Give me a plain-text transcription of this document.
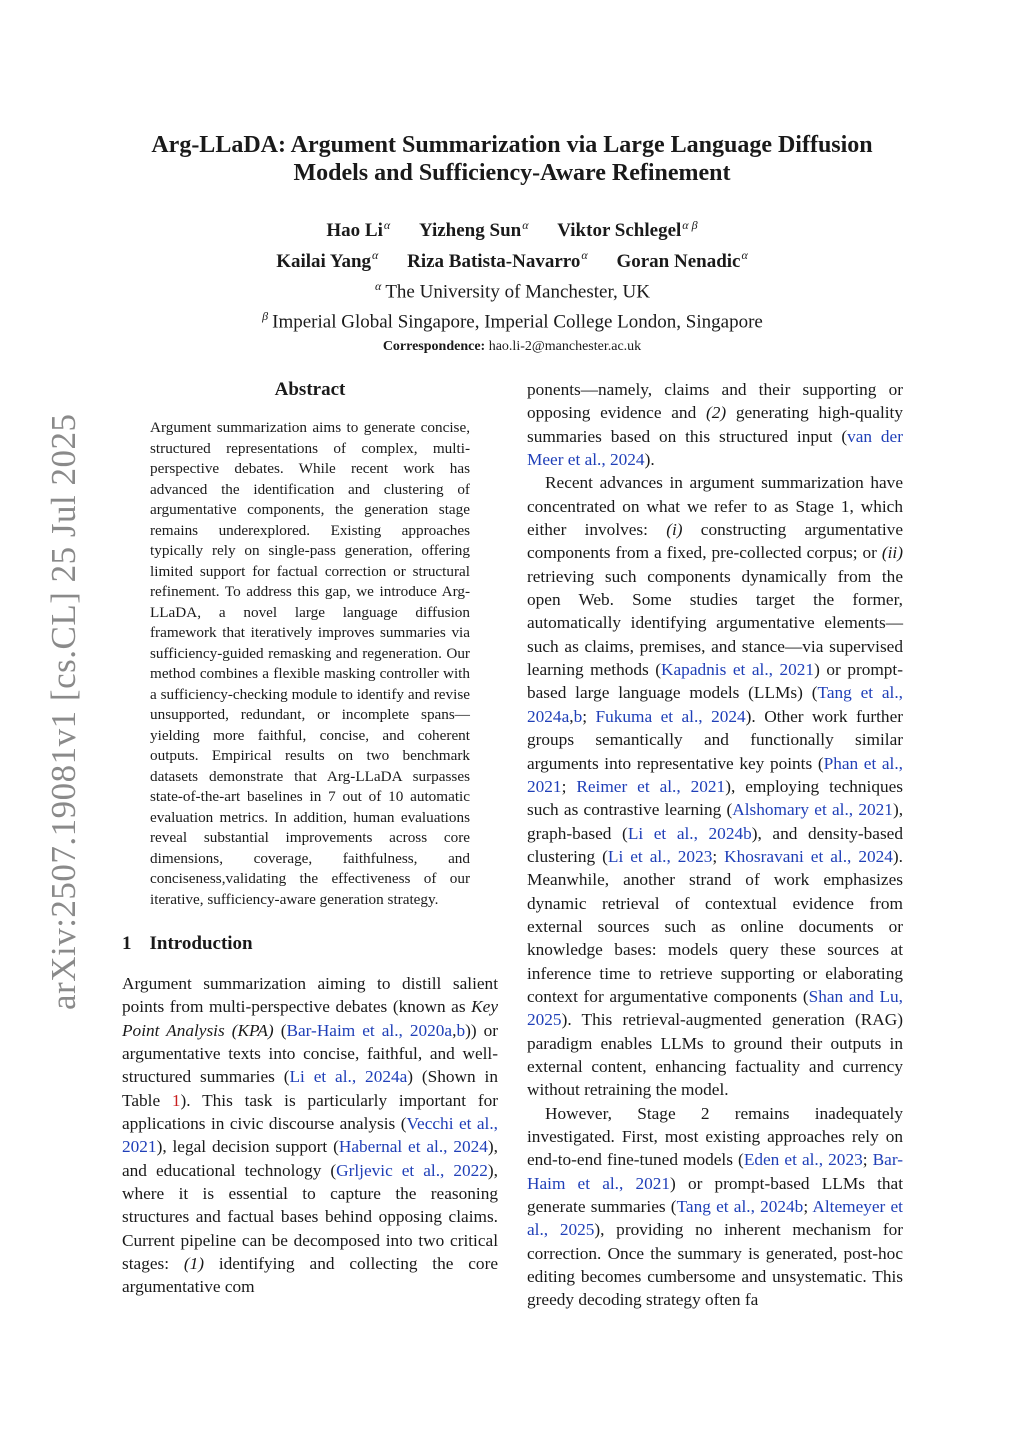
arXiv:2507.19081v1 [cs.CL] 25 Jul 2025
Arg-LLaDA: Argument Summarization via Large Language Diffusion
Models and Sufficiency-Aware Refinement
Hao $Li^\alpha$ Yizheng Sun$^\alpha$ Viktor Schlegel$^{\alpha \beta}$
Kailai Yang$^\alpha$ Riza Batista-Navarro$^\alpha$ Goran Nenadic$^\alpha$
$^\alpha$ The University of Manchester, UK
$^\beta$ Imperial Global Singapore, Imperial College London, Singapore
Correspondence: hao.li-2@manchester.ac.uk
Abstract
Argument summarization aims to generate concise, structured representations of complex, multi-perspective debates. While recent work has advanced the identification and clustering of argumentative components, the generation stage remains underexplored. Existing approaches typically rely on single-pass generation, offering limited support for factual correction or structural refinement. To address this gap, we introduce Arg-LLaDA, a novel large language diffusion framework that iteratively improves summaries via sufficiency-guided remasking and regeneration. Our method combines a flexible masking controller with a sufficiency-checking module to identify and revise unsupported, redundant, or incomplete spans—yielding more faithful, concise, and coherent outputs. Empirical results on two benchmark datasets demonstrate that Arg-LLaDA surpasses state-of-the-art baselines in 7 out of 10 automatic evaluation metrics. In addition, human evaluations reveal substantial improvements across core dimensions, coverage, faithfulness, and conciseness,validating the effectiveness of our iterative, sufficiency-aware generation strategy.
1 Introduction

Argument summarization aiming to distill salient points from multi-perspective debates (known as Key Point Analysis (KPA) (Bar-Haim et al., 2020a,b)) or argumentative texts into concise, faithful, and well-structured summaries (Li et al., 2024a) (Shown in Table 1). This task is particularly important for applications in civic discourse analysis (Vecchi et al., 2021), legal decision support (Habernal et al., 2024), and educational technology (Grljevic et al., 2022), where it is essential to capture the reasoning structures and factual bases behind opposing claims. Current pipeline can be decomposed into two critical stages: (1) identifying and collecting the core argumentative com

ponents—namely, claims and their supporting or opposing evidence and (2) generating high-quality summaries based on this structured input (van der Meer et al., 2024).

Recent advances in argument summarization have concentrated on what we refer to as Stage 1, which either involves: (i) constructing argumentative components from a fixed, pre-collected corpus; or (ii) retrieving such components dynamically from the open Web. Some studies target the former, automatically identifying argumentative elements—such as claims, premises, and stance—via supervised learning methods (Kapadnis et al., 2021) or prompt-based large language models (LLMs) (Tang et al., 2024a,b; Fukuma et al., 2024). Other work further groups semantically and functionally similar arguments into representative key points (Phan et al., 2021; Reimer et al., 2021), employing techniques such as contrastive learning (Alshomary et al., 2021), graph-based (Li et al., 2024b), and density-based clustering (Li et al., 2023; Khosravani et al., 2024). Meanwhile, another strand of work emphasizes dynamic retrieval of contextual evidence from external sources such as online documents or knowledge bases: models query these sources at inference time to retrieve supporting or elaborating context for argumentative components (Shan and Lu, 2025). This retrieval-augmented generation (RAG) paradigm enables LLMs to ground their outputs in external content, enhancing factuality and currency without retraining the model.

However, Stage 2 remains inadequately investigated. First, most existing approaches rely on end-to-end fine-tuned models (Eden et al., 2023; Bar-Haim et al., 2021) or prompt-based LLMs that generate summaries (Tang et al., 2024b; Altemeyer et al., 2025), providing no inherent mechanism for correction. Once the summary is generated, post-hoc editing becomes cumbersome and unsystematic. This greedy decoding strategy often fa
